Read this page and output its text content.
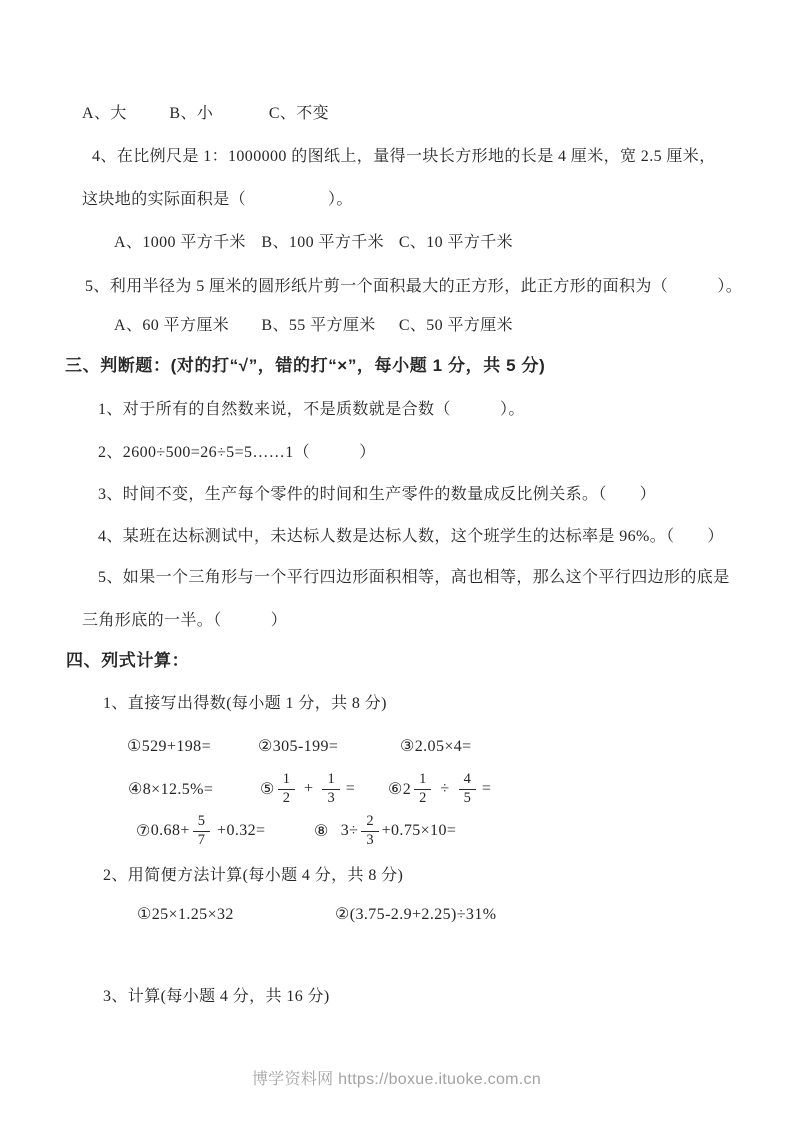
A、大	B、小	C、不变
4、在比例尺是 1：1000000 的图纸上，量得一块长方形地的长是 4 厘米，宽 2.5 厘米，
这块地的实际面积是（　　　　　）。
A、1000 平方千米 B、100 平方千米 C、10 平方千米
5、利用半径为 5 厘米的圆形纸片剪一个面积最大的正方形，此正方形的面积为（　　　）。
A、60 平方厘米 B、55 平方厘米 C、50 平方厘米
三、判断题：(对的打“√”，错的打“×”，每小题 1 分，共 5 分)
1、对于所有的自然数来说，不是质数就是合数（　　　）。
2、2600÷500=26÷5=5……1（　　　）
3、时间不变，生产每个零件的时间和生产零件的数量成反比例关系。（　　）
4、某班在达标测试中，未达标人数是达标人数，这个班学生的达标率是 96%。（　　）
5、如果一个三角形与一个平行四边形面积相等，高也相等，那么这个平行四边形的底是
三角形底的一半。（　　　）
四、列式计算：
1、直接写出得数(每小题 1 分，共 8 分)
①529+198=	②305-199=	③2.05×4=
④8×12.5%=	⑤ $\frac{1}{2} + \frac{1}{3}$ = ⑥2 $\frac{1}{2} \div \frac{4}{5}$ =
⑦ $0.68+ \frac{5}{7} +0.32=$	⑧ $3\div \frac{2}{3} +0.75\times 10=$
2、用简便方法计算(每小题 4 分，共 8 分)
①25×1.25×32	②(3.75-2.9+2.25)÷31%
3、计算(每小题 4 分，共 16 分)
博学资料网 https://boxue.ituoke.com.cn
